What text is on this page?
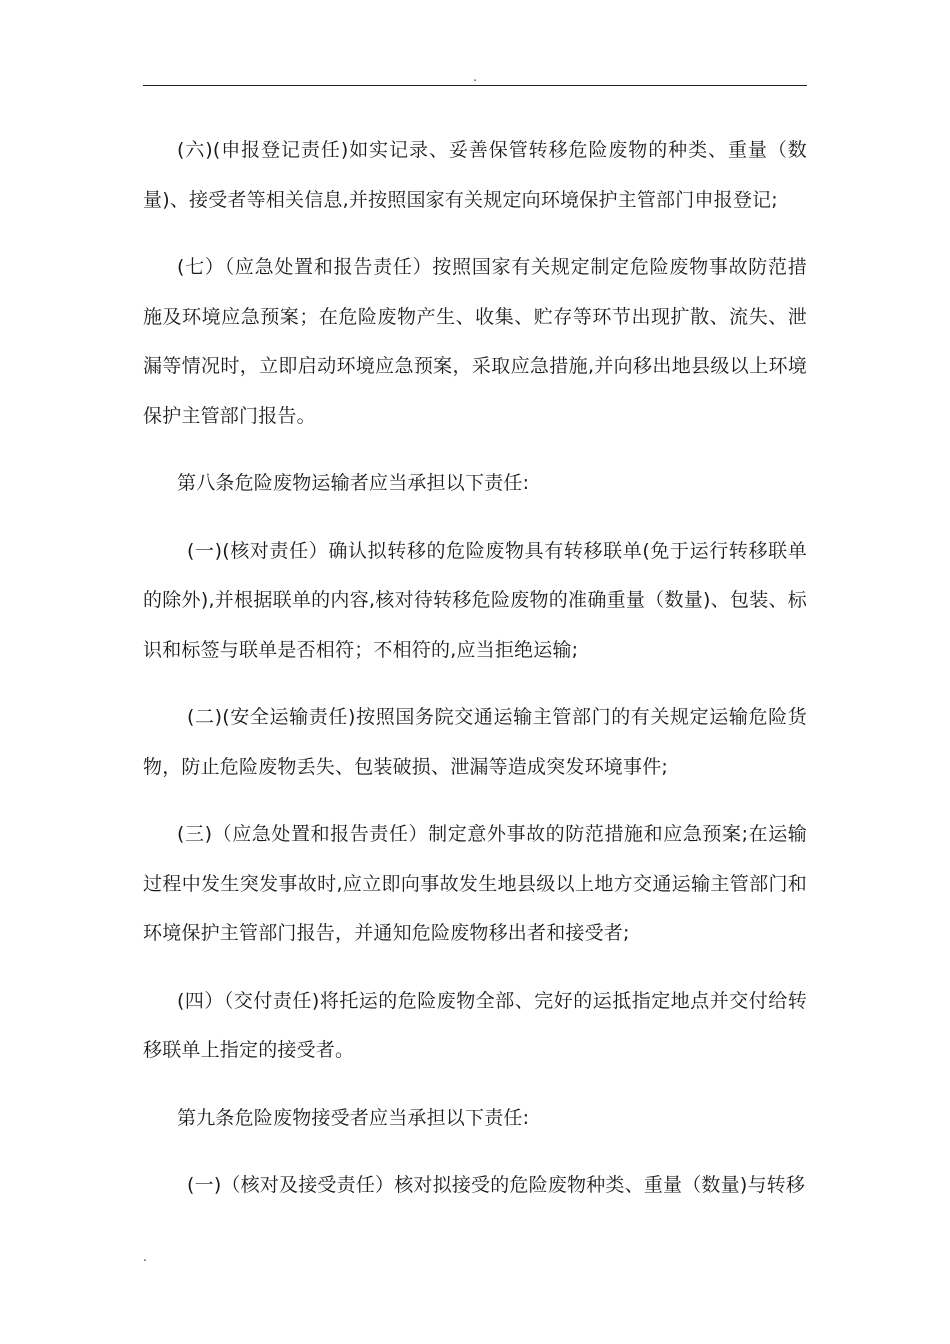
.

(六)(申报登记责任)如实记录、妥善保管转移危险废物的种类、重量（数量)、接受者等相关信息,并按照国家有关规定向环境保护主管部门申报登记;

(七）（应急处置和报告责任）按照国家有关规定制定危险废物事故防范措施及环境应急预案；在危险废物产生、收集、贮存等环节出现扩散、流失、泄漏等情况时，立即启动环境应急预案，采取应急措施,并向移出地县级以上环境保护主管部门报告。

第八条危险废物运输者应当承担以下责任:

(一)(核对责任）确认拟转移的危险废物具有转移联单(免于运行转移联单的除外),并根据联单的内容,核对待转移危险废物的准确重量（数量)、包装、标识和标签与联单是否相符；不相符的,应当拒绝运输;

(二)(安全运输责任)按照国务院交通运输主管部门的有关规定运输危险货物，防止危险废物丢失、包装破损、泄漏等造成突发环境事件;

(三)（应急处置和报告责任）制定意外事故的防范措施和应急预案;在运输过程中发生突发事故时,应立即向事故发生地县级以上地方交通运输主管部门和环境保护主管部门报告，并通知危险废物移出者和接受者;

(四）（交付责任)将托运的危险废物全部、完好的运抵指定地点并交付给转移联单上指定的接受者。

第九条危险废物接受者应当承担以下责任:

(一)（核对及接受责任）核对拟接受的危险废物种类、重量（数量)与转移

.
